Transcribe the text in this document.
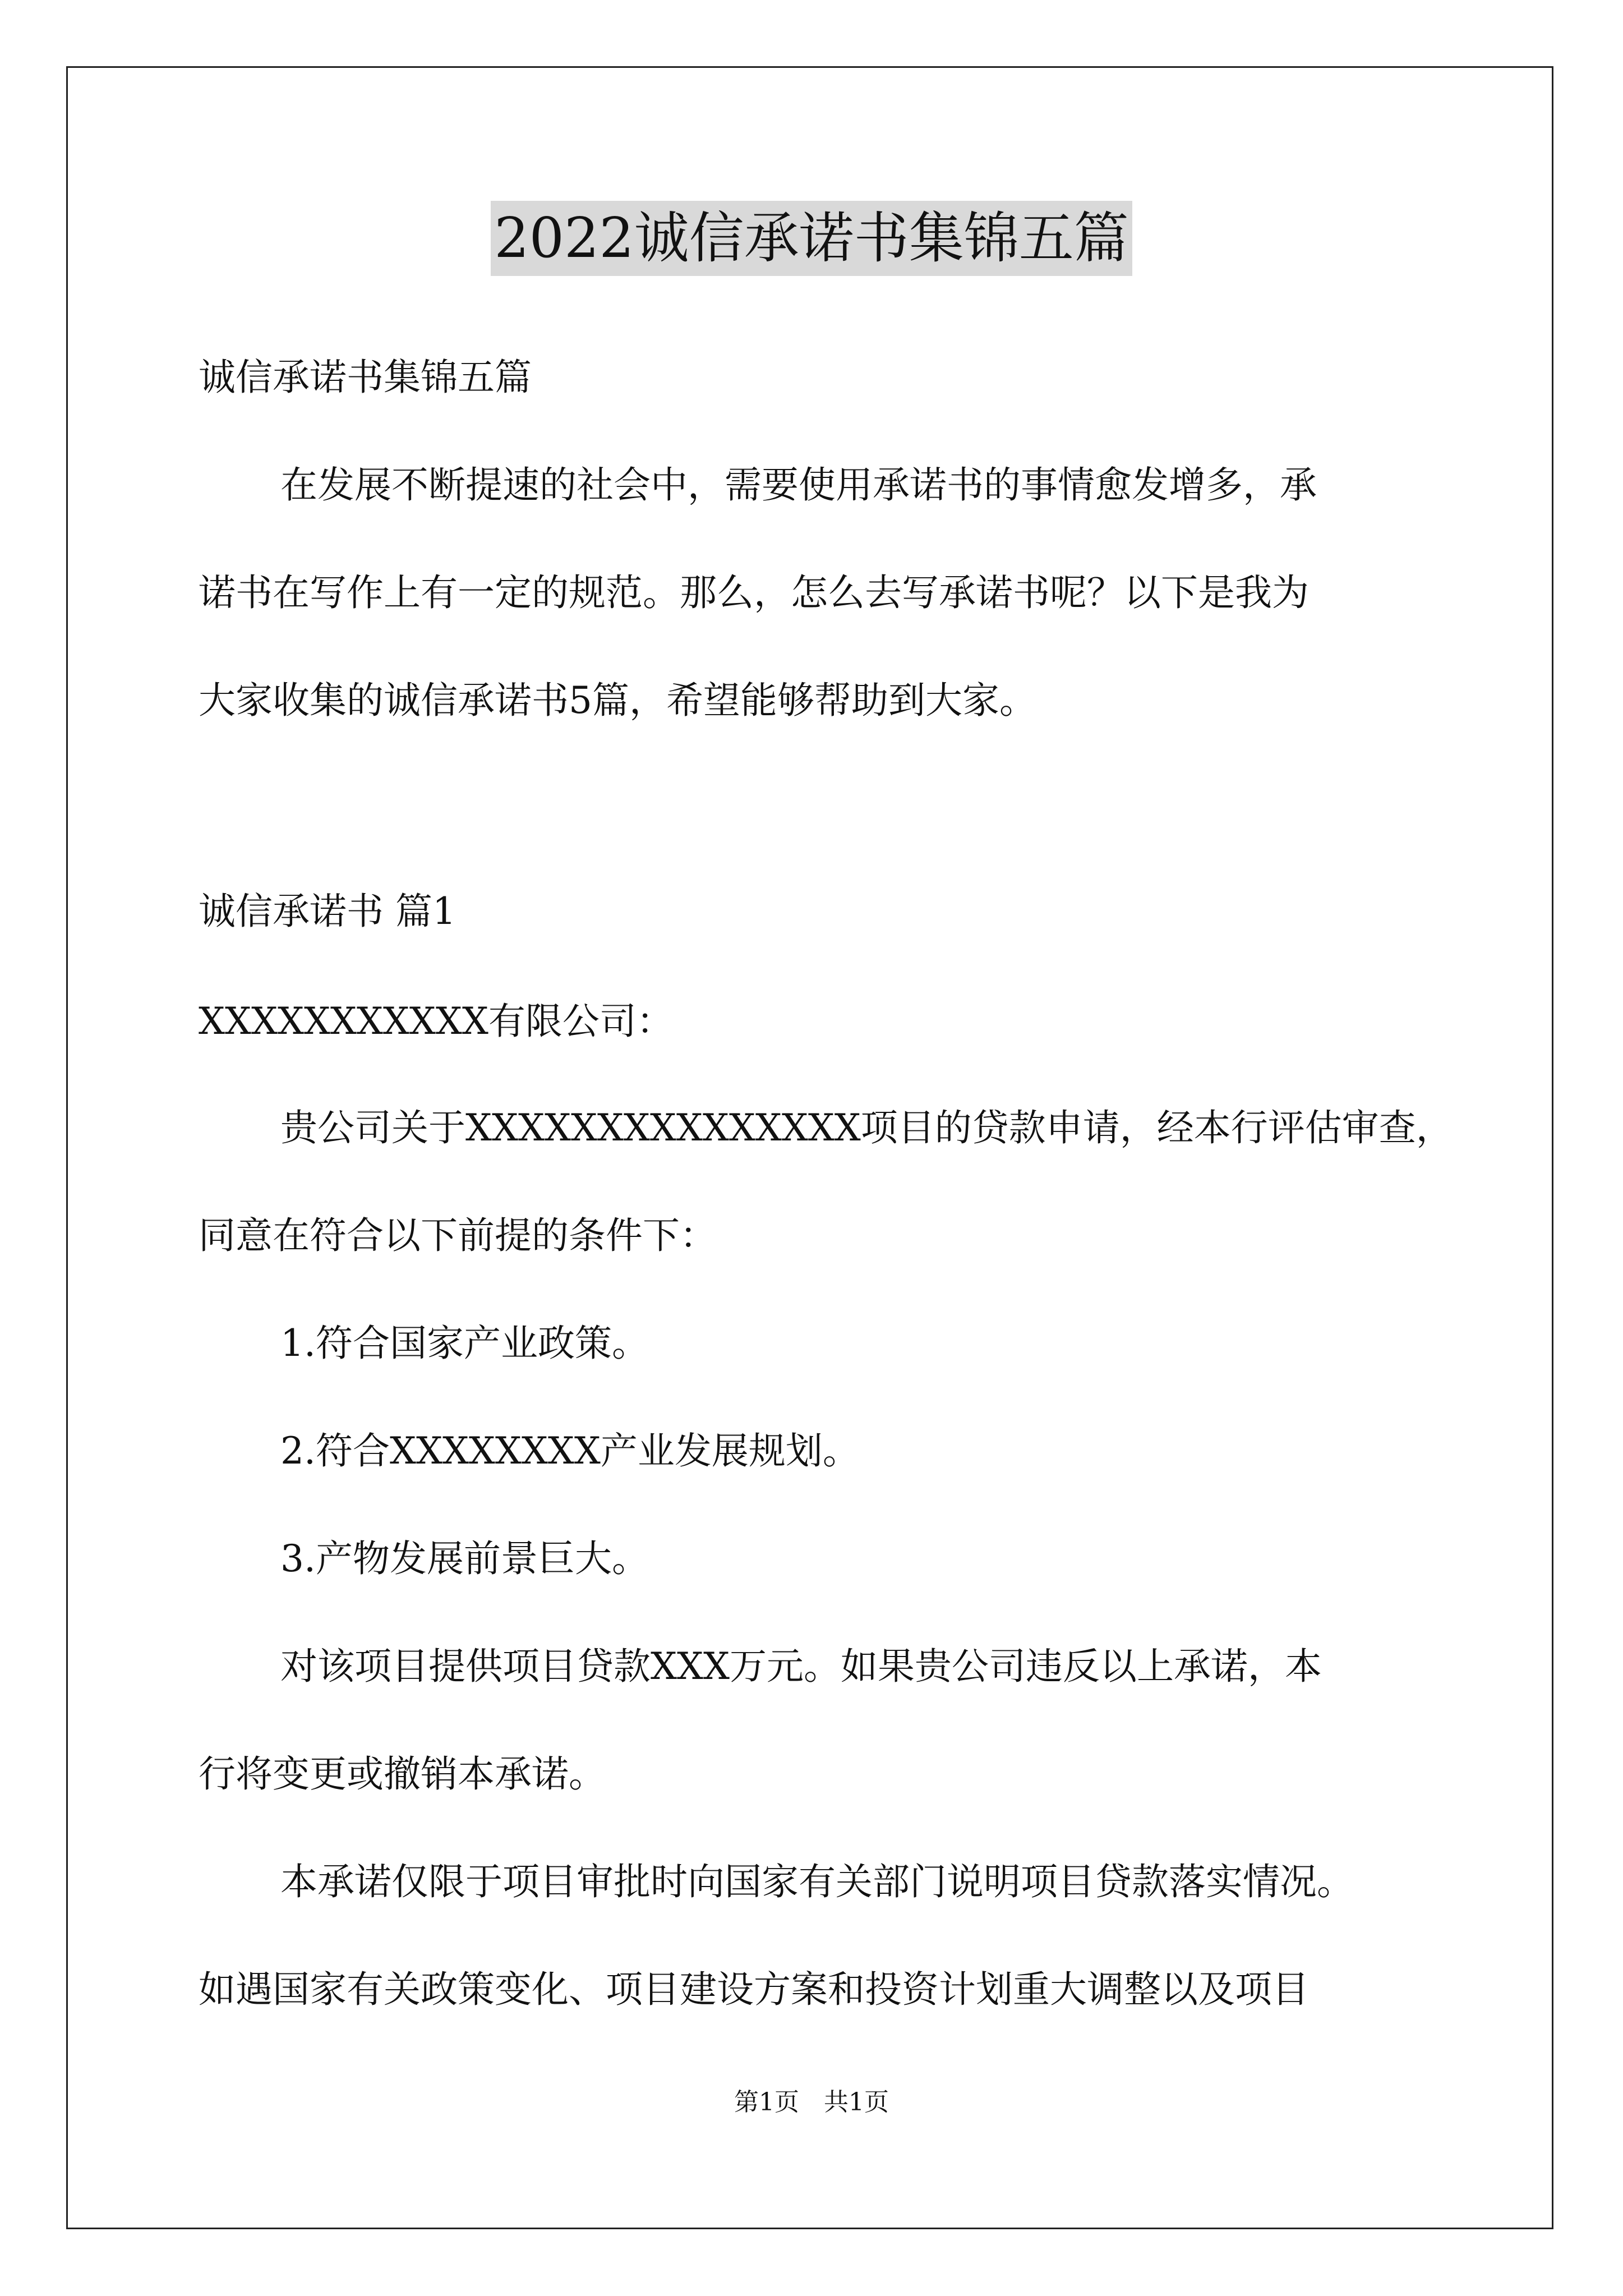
2022诚信承诺书集锦五篇
诚信承诺书集锦五篇
在发展不断提速的社会中，需要使用承诺书的事情愈发增多，承
诺书在写作上有一定的规范。那么，怎么去写承诺书呢？以下是我为
大家收集的诚信承诺书5篇，希望能够帮助到大家。
诚信承诺书 篇1
XXXXXXXXXXX有限公司：
贵公司关于XXXXXXXXXXXXXXX项目的贷款申请，经本行评估审查，
同意在符合以下前提的条件下：
1.符合国家产业政策。
2.符合XXXXXXXX产业发展规划。
3.产物发展前景巨大。
对该项目提供项目贷款XXX万元。如果贵公司违反以上承诺，本
行将变更或撤销本承诺。
本承诺仅限于项目审批时向国家有关部门说明项目贷款落实情况。
如遇国家有关政策变化、项目建设方案和投资计划重大调整以及项目
第1页 共1页
